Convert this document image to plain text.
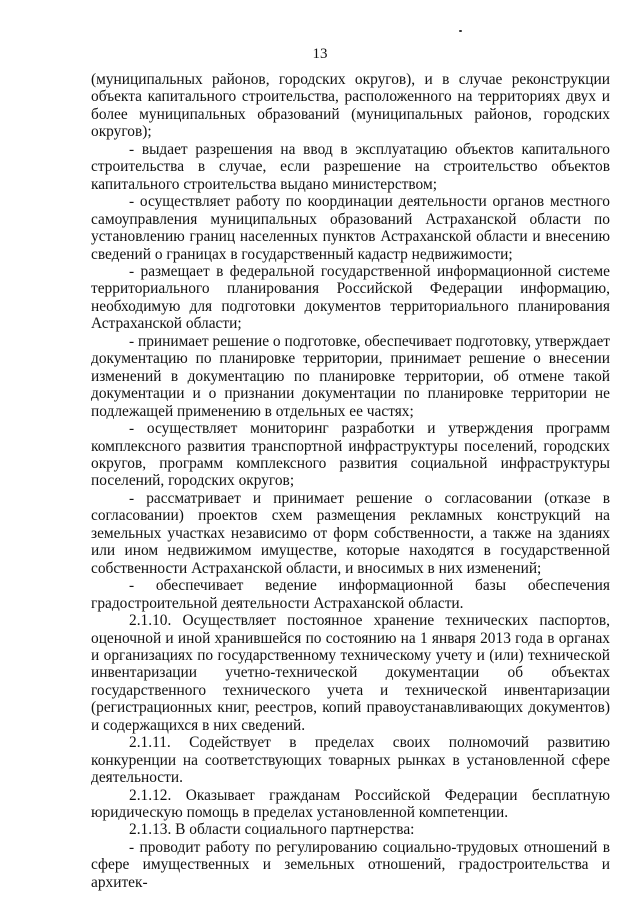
13

(муниципальных районов, городских округов), и в случае реконструкции объекта капитального строительства, расположенного на территориях двух и более муниципальных образований (муниципальных районов, городских округов);

- выдает разрешения на ввод в эксплуатацию объектов капитального строительства в случае, если разрешение на строительство объектов капитального строительства выдано министерством;

- осуществляет работу по координации деятельности органов местного самоуправления муниципальных образований Астраханской области по установлению границ населенных пунктов Астраханской области и внесению сведений о границах в государственный кадастр недвижимости;

- размещает в федеральной государственной информационной системе территориального планирования Российской Федерации информацию, необходимую для подготовки документов территориального планирования Астраханской области;

- принимает решение о подготовке, обеспечивает подготовку, утверждает документацию по планировке территории, принимает решение о внесении изменений в документацию по планировке территории, об отмене такой документации и о признании документации по планировке территории не подлежащей применению в отдельных ее частях;

- осуществляет мониторинг разработки и утверждения программ комплексного развития транспортной инфраструктуры поселений, городских округов, программ комплексного развития социальной инфраструктуры поселений, городских округов;

- рассматривает и принимает решение о согласовании (отказе в согласовании) проектов схем размещения рекламных конструкций на земельных участках независимо от форм собственности, а также на зданиях или ином недвижимом имуществе, которые находятся в государственной собственности Астраханской области, и вносимых в них изменений;

- обеспечивает ведение информационной базы обеспечения градостроительной деятельности Астраханской области.

2.1.10. Осуществляет постоянное хранение технических паспортов, оценочной и иной хранившейся по состоянию на 1 января 2013 года в органах и организациях по государственному техническому учету и (или) технической инвентаризации учетно-технической документации об объектах государственного технического учета и технической инвентаризации (регистрационных книг, реестров, копий правоустанавливающих документов) и содержащихся в них сведений.

2.1.11. Содействует в пределах своих полномочий развитию конкуренции на соответствующих товарных рынках в установленной сфере деятельности.

2.1.12. Оказывает гражданам Российской Федерации бесплатную юридическую помощь в пределах установленной компетенции.

2.1.13. В области социального партнерства:

- проводит работу по регулированию социально-трудовых отношений в сфере имущественных и земельных отношений, градостроительства и архитек-
